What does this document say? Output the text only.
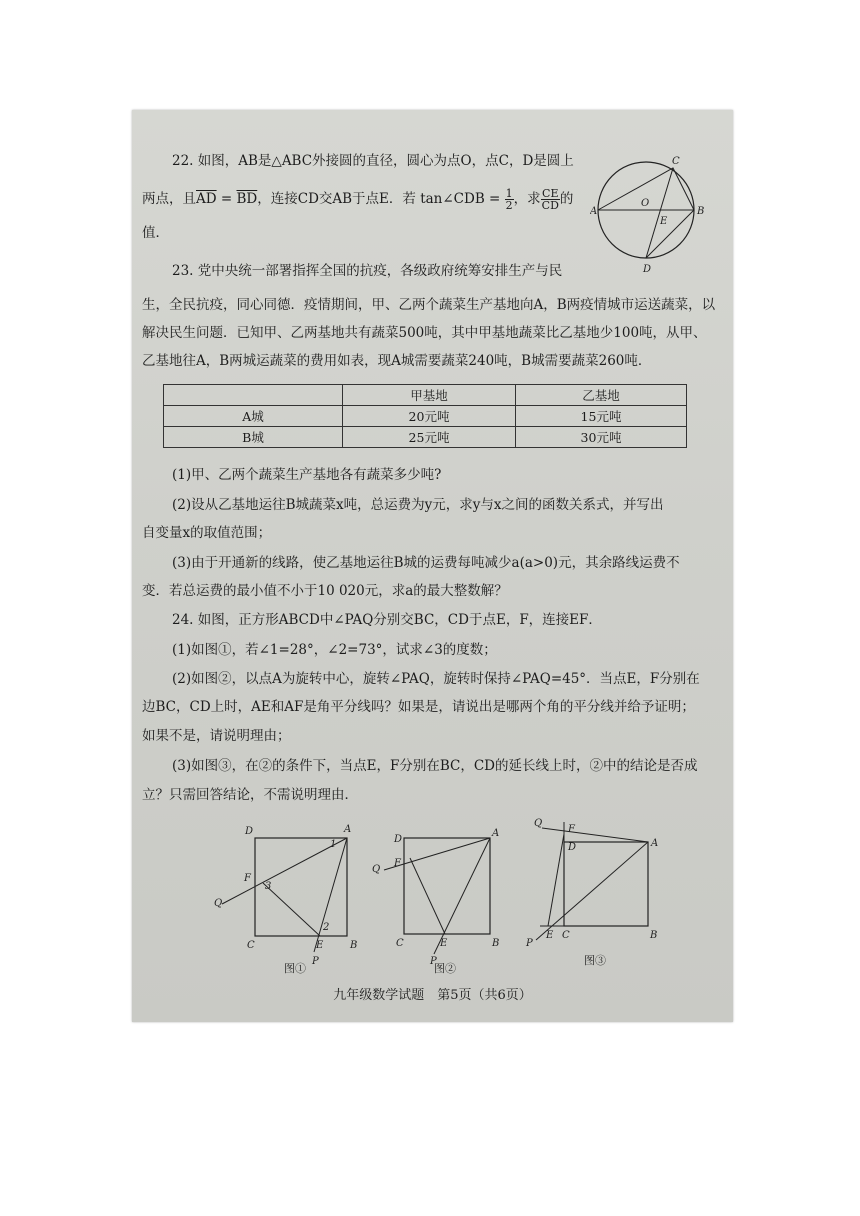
22. 如图，AB是△ABC外接圆的直径，圆心为点O，点C，D是圆上
两点，且$\overline{AD} = \overline{BD}$，连接CD交AB于点E．若 tan∠CDB = $\frac{1}{2}$ ，求 $\frac{CE}{CD}$ 的
值．
A	B
C
D
O
E
23. 党中央统一部署指挥全国的抗疫，各级政府统筹安排生产与民
生，全民抗疫，同心同德．疫情期间，甲、乙两个蔬菜生产基地向A，B两疫情城市运送蔬菜，以
解决民生问题．已知甲、乙两基地共有蔬菜500吨，其中甲基地蔬菜比乙基地少100吨，从甲、
乙基地往A，B两城运蔬菜的费用如表，现A城需要蔬菜240吨，B城需要蔬菜260吨．
	甲基地	乙基地
A城	20元吨	15元吨
B城	25元吨	30元吨
(1)甲、乙两个蔬菜生产基地各有蔬菜多少吨?
(2)设从乙基地运往B城蔬菜x吨，总运费为y元，求y与x之间的函数关系式，并写出
自变量x的取值范围；
(3)由于开通新的线路，使乙基地运往B城的运费每吨减少a(a>0)元，其余路线运费不
变．若总运费的最小值不小于10 020元，求a的最大整数解？
24. 如图，正方形ABCD中∠PAQ分别交BC，CD于点E，F，连接EF．
(1)如图①，若∠1=28°，∠2=73°，试求∠3的度数；
(2)如图②，以点A为旋转中心，旋转∠PAQ，旋转时保持∠PAQ=45°．当点E，F分别在
边BC，CD上时，AE和AF是角平分线吗？如果是，请说出是哪两个角的平分线并给予证明；
如果不是，请说明理由；
(3)如图③，在②的条件下，当点E，F分别在BC，CD的延长线上时，②中的结论是否成
立？只需回答结论，不需说明理由．
D	A
1
F
3
Q
2
C	E	B
P
图①
D
A
Q
F
C	E	B
P
图②
Q
F
D	A
P
E C	B
图③
九年级数学试题　第5页（共6页）
